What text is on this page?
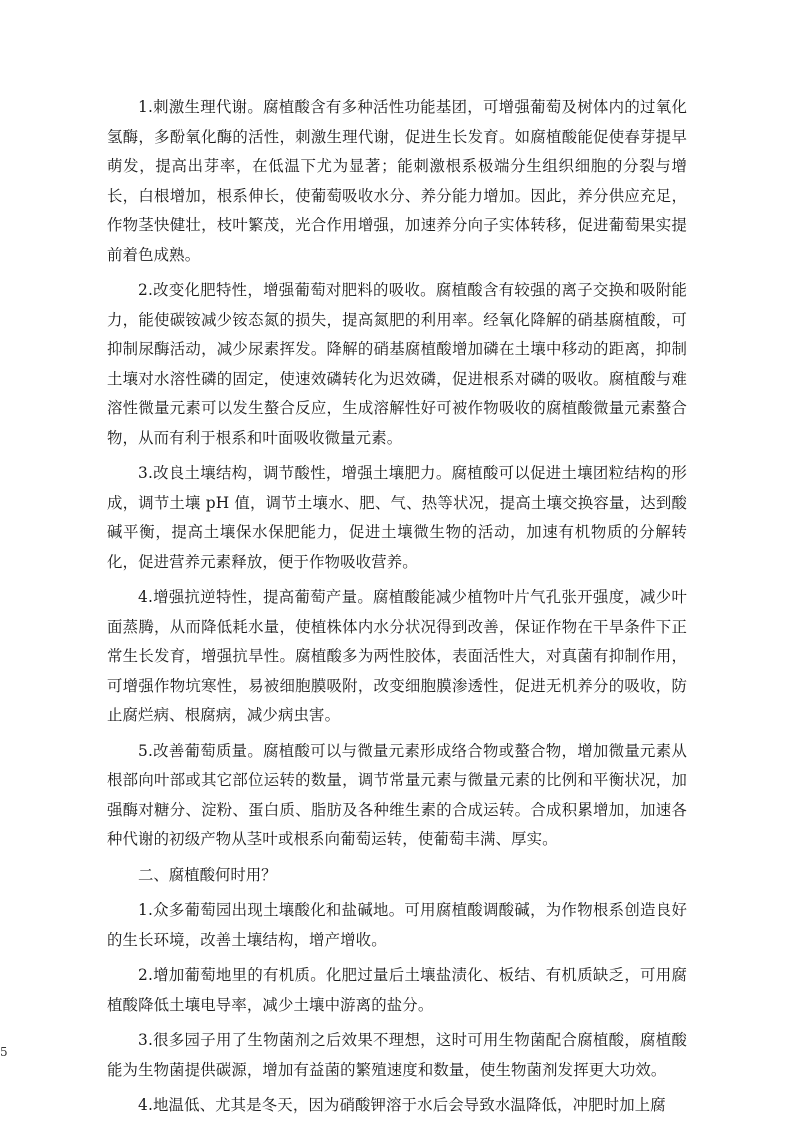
1.刺激生理代谢。腐植酸含有多种活性功能基团，可增强葡萄及树体内的过氧化氢酶，多酚氧化酶的活性，刺激生理代谢，促进生长发育。如腐植酸能促使春芽提早萌发，提高出芽率，在低温下尤为显著；能刺激根系极端分生组织细胞的分裂与增长，白根增加，根系伸长，使葡萄吸收水分、养分能力增加。因此，养分供应充足，作物茎快健壮，枝叶繁茂，光合作用增强，加速养分向子实体转移，促进葡萄果实提前着色成熟。

2.改变化肥特性，增强葡萄对肥料的吸收。腐植酸含有较强的离子交换和吸附能力，能使碳铵减少铵态氮的损失，提高氮肥的利用率。经氧化降解的硝基腐植酸，可抑制尿酶活动，减少尿素挥发。降解的硝基腐植酸增加磷在土壤中移动的距离，抑制土壤对水溶性磷的固定，使速效磷转化为迟效磷，促进根系对磷的吸收。腐植酸与难溶性微量元素可以发生螯合反应，生成溶解性好可被作物吸收的腐植酸微量元素螯合物，从而有利于根系和叶面吸收微量元素。

3.改良土壤结构，调节酸性，增强土壤肥力。腐植酸可以促进土壤团粒结构的形成，调节土壤 pH 值，调节土壤水、肥、气、热等状况，提高土壤交换容量，达到酸碱平衡，提高土壤保水保肥能力，促进土壤微生物的活动，加速有机物质的分解转化，促进营养元素释放，便于作物吸收营养。

4.增强抗逆特性，提高葡萄产量。腐植酸能减少植物叶片气孔张开强度，减少叶面蒸腾，从而降低耗水量，使植株体内水分状况得到改善，保证作物在干旱条件下正常生长发育，增强抗旱性。腐植酸多为两性胶体，表面活性大，对真菌有抑制作用，可增强作物坑寒性，易被细胞膜吸附，改变细胞膜渗透性，促进无机养分的吸收，防止腐烂病、根腐病，减少病虫害。

5.改善葡萄质量。腐植酸可以与微量元素形成络合物或螯合物，增加微量元素从根部向叶部或其它部位运转的数量，调节常量元素与微量元素的比例和平衡状况，加强酶对糖分、淀粉、蛋白质、脂肪及各种维生素的合成运转。合成积累增加，加速各种代谢的初级产物从茎叶或根系向葡萄运转，使葡萄丰满、厚实。

二、腐植酸何时用？

1.众多葡萄园出现土壤酸化和盐碱地。可用腐植酸调酸碱，为作物根系创造良好的生长环境，改善土壤结构，增产增收。

2.增加葡萄地里的有机质。化肥过量后土壤盐渍化、板结、有机质缺乏，可用腐植酸降低土壤电导率，减少土壤中游离的盐分。

3.很多园子用了生物菌剂之后效果不理想，这时可用生物菌配合腐植酸，腐植酸能为生物菌提供碳源，增加有益菌的繁殖速度和数量，使生物菌剂发挥更大功效。

4.地温低、尤其是冬天，因为硝酸钾溶于水后会导致水温降低，冲肥时加上腐

5
